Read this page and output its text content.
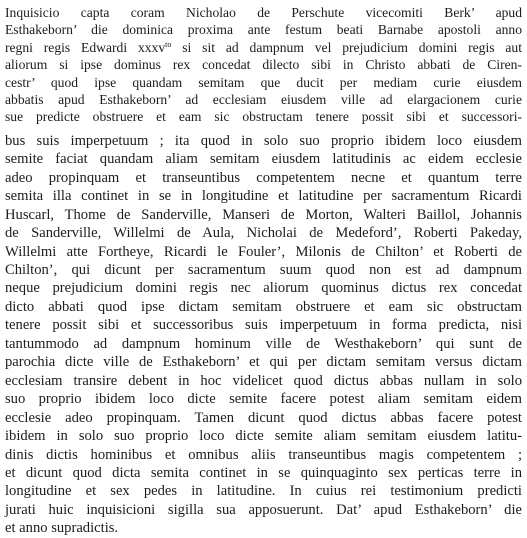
Inquisicio capta coram Nicholao de Perschute vicecomiti Berk’ apud
Esthakeborn’ die dominica proxima ante festum beati Barnabe apostoli anno
regni regis Edwardi xxxv$^{to}$ si sit ad dampnum vel prejudicium domini regis aut
aliorum si ipse dominus rex concedat dilecto sibi in Christo abbati de Ciren-
cestr’ quod ipse quandam semitam que ducit per mediam curie eiusdem
abbatis apud Esthakeborn’ ad ecclesiam eiusdem ville ad elargacionem curie
sue predicte obstruere et eam sic obstructam tenere possit sibi et successori-

bus suis imperpetuum ; ita quod in solo suo proprio ibidem loco eiusdem
semite faciat quandam aliam semitam eiusdem latitudinis ac eidem ecclesie
adeo propinquam et transeuntibus competentem necne et quantum terre
semita illa continet in se in longitudine et latitudine per sacramentum Ricardi
Huscarl, Thome de Sanderville, Manseri de Morton, Walteri Baillol, Johannis
de Sanderville, Willelmi de Aula, Nicholai de Medeford’, Roberti Pakeday,
Willelmi atte Fortheye, Ricardi le Fouler’, Milonis de Chilton’ et Roberti de
Chilton’, qui dicunt per sacramentum suum quod non est ad dampnum
neque prejudicium domini regis nec aliorum quominus dictus rex concedat
dicto abbati quod ipse dictam semitam obstruere et eam sic obstructam
tenere possit sibi et successoribus suis imperpetuum in forma predicta, nisi
tantummodo ad dampnum hominum ville de Westhakeborn’ qui sunt de
parochia dicte ville de Esthakeborn’ et qui per dictam semitam versus dictam
ecclesiam transire debent in hoc videlicet quod dictus abbas nullam in solo
suo proprio ibidem loco dicte semite facere potest aliam semitam eidem
ecclesie adeo propinquam. Tamen dicunt quod dictus abbas facere potest
ibidem in solo suo proprio loco dicte semite aliam semitam eiusdem latitu-
dinis dictis hominibus et omnibus aliis transeuntibus magis competentem ;
et dicunt quod dicta semita continet in se quinquaginto sex perticas terre in
longitudine et sex pedes in latitudine. In cuius rei testimonium predicti
jurati huic inquisicioni sigilla sua apposuerunt. Dat’ apud Esthakeborn’ die
et anno supradictis.
